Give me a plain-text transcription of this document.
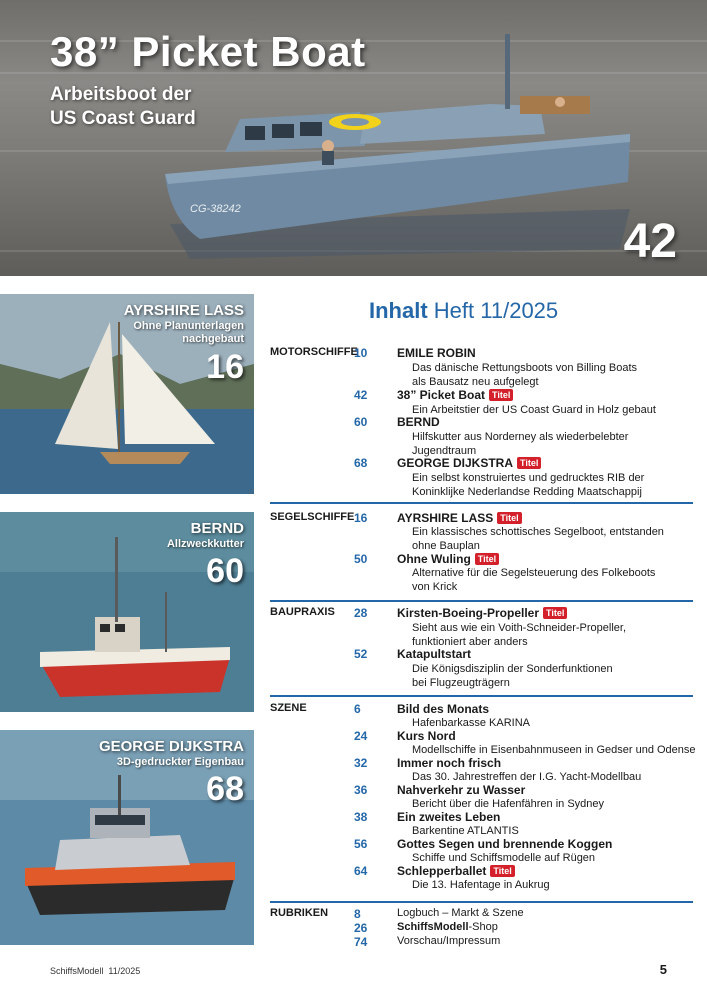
CG-38242
38” Picket Boat
Arbeitsboot der
US Coast Guard
42
AYRSHIRE LASS
Ohne Planunterlagen
nachgebaut
16
BERND
Allzweckkutter
60
GEORGE DIJKSTRA
3D-gedruckter Eigenbau
68
Inhalt Heft 11/2025
MOTORSCHIFFE
10	EMILE ROBIN
Das dänische Rettungsboots von Billing Boats
als Bausatz neu aufgelegt
42	38” Picket Boat Titel
Ein Arbeitstier der US Coast Guard in Holz gebaut
60	BERND
Hilfskutter aus Norderney als wiederbelebter
Jugendtraum
68	GEORGE DIJKSTRA Titel
Ein selbst konstruiertes und gedrucktes RIB der
Koninklijke Nederlandse Redding Maatschappij
SEGELSCHIFFE 16	AYRSHIRE LASS Titel
Ein klassisches schottisches Segelboot, entstanden
ohne Bauplan
50	Ohne Wuling Titel
Alternative für die Segelsteuerung des Folkeboots
von Krick
BAUPRAXIS 28	Kirsten-Boeing-Propeller Titel
Sieht aus wie ein Voith-Schneider-Propeller,
funktioniert aber anders
52	Katapultstart
Die Königsdisziplin der Sonderfunktionen
bei Flugzeugträgern
SZENE	6	Bild des Monats
Hafenbarkasse KARINA
24	Kurs Nord
Modellschiffe in Eisenbahnmuseen in Gedser und Odense
32	Immer noch frisch
Das 30. Jahrestreffen der I.G. Yacht-Modellbau
36	Nahverkehr zu Wasser
Bericht über die Hafenfähren in Sydney
38	Ein zweites Leben
Barkentine ATLANTIS
56	Gottes Segen und brennende Koggen
Schiffe und Schiffsmodelle auf Rügen
64	Schlepperballet Titel
Die 13. Hafentage in Aukrug
RUBRIKEN 8	Logbuch – Markt & Szene
26	SchiffsModell-Shop
74	Vorschau/Impressum
SchiffsModell 11/2025	5
